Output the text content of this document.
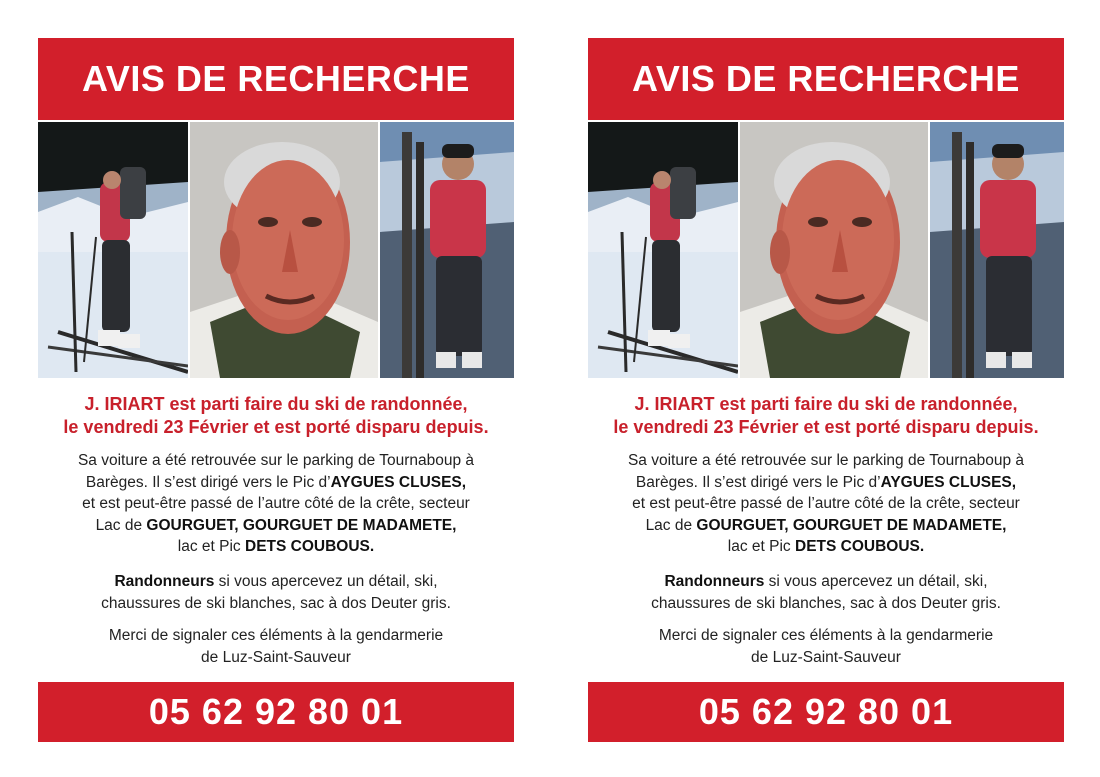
AVIS DE RECHERCHE
J. IRIART est parti faire du ski de randonnée,
le vendredi 23 Février et est porté disparu depuis.
Sa voiture a été retrouvée sur le parking de Tournaboup à
Barèges. Il s’est dirigé vers le Pic d’AYGUES CLUSES,
et est peut-être passé de l’autre côté de la crête, secteur
Lac de GOURGUET, GOURGUET DE MADAMETE,
lac et Pic DETS COUBOUS.
Randonneurs si vous apercevez un détail, ski,
chaussures de ski blanches, sac à dos Deuter gris.
Merci de signaler ces éléments à la gendarmerie
de Luz-Saint-Sauveur
05 62 92 80 01
AVIS DE RECHERCHE
J. IRIART est parti faire du ski de randonnée,
le vendredi 23 Février et est porté disparu depuis.
Sa voiture a été retrouvée sur le parking de Tournaboup à
Barèges. Il s’est dirigé vers le Pic d’AYGUES CLUSES,
et est peut-être passé de l’autre côté de la crête, secteur
Lac de GOURGUET, GOURGUET DE MADAMETE,
lac et Pic DETS COUBOUS.
Randonneurs si vous apercevez un détail, ski,
chaussures de ski blanches, sac à dos Deuter gris.
Merci de signaler ces éléments à la gendarmerie
de Luz-Saint-Sauveur
05 62 92 80 01
